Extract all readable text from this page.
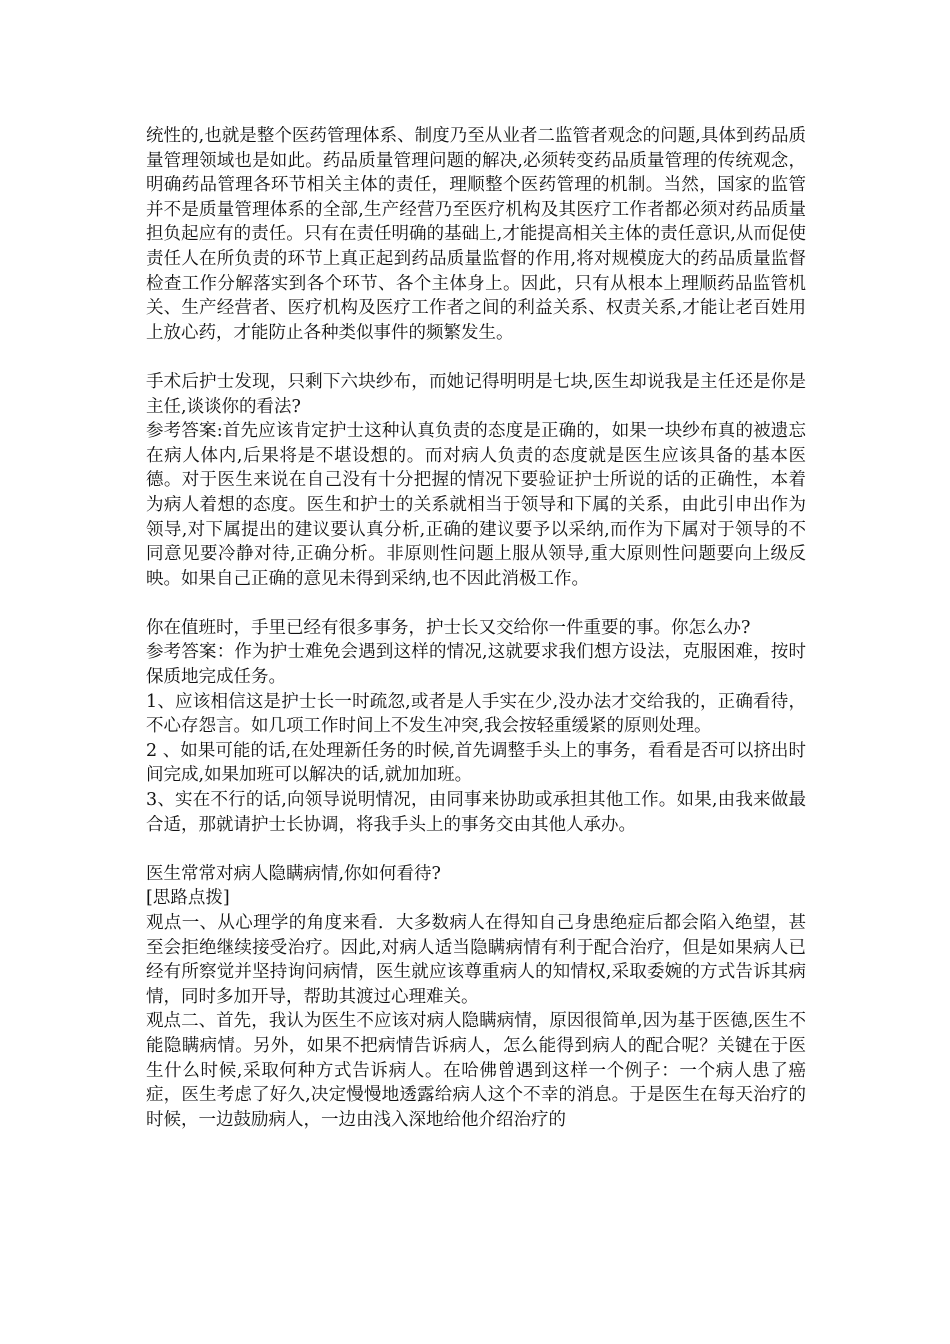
统性的,也就是整个医药管理体系、制度乃至从业者二监管者观念的问题,具体到药品质量管理领域也是如此。药品质量管理问题的解决,必须转变药品质量管理的传统观念，明确药品管理各环节相关主体的责任，理顺整个医药管理的机制。当然，国家的监管并不是质量管理体系的全部,生产经营乃至医疗机构及其医疗工作者都必须对药品质量担负起应有的责任。只有在责任明确的基础上,才能提高相关主体的责任意识,从而促使责任人在所负责的环节上真正起到药品质量监督的作用,将对规模庞大的药品质量监督检查工作分解落实到各个环节、各个主体身上。因此，只有从根本上理顺药品监管机关、生产经营者、医疗机构及医疗工作者之间的利益关系、权责关系,才能让老百姓用上放心药，才能防止各种类似事件的频繁发生。

手术后护士发现，只剩下六块纱布，而她记得明明是七块,医生却说我是主任还是你是主任,谈谈你的看法?

参考答案:首先应该肯定护士这种认真负责的态度是正确的，如果一块纱布真的被遗忘在病人体内,后果将是不堪设想的。而对病人负责的态度就是医生应该具备的基本医德。对于医生来说在自己没有十分把握的情况下要验证护士所说的话的正确性，本着为病人着想的态度。医生和护士的关系就相当于领导和下属的关系，由此引申出作为领导,对下属提出的建议要认真分析,正确的建议要予以采纳,而作为下属对于领导的不同意见要冷静对待,正确分析。非原则性问题上服从领导,重大原则性问题要向上级反映。如果自己正确的意见未得到采纳,也不因此消极工作。

你在值班时，手里已经有很多事务，护士长又交给你一件重要的事。你怎么办?

参考答案：作为护士难免会遇到这样的情况,这就要求我们想方设法，克服困难，按时保质地完成任务。

1、应该相信这是护士长一时疏忽,或者是人手实在少,没办法才交给我的，正确看待，不心存怨言。如几项工作时间上不发生冲突,我会按轻重缓紧的原则处理。

2 、如果可能的话,在处理新任务的时候,首先调整手头上的事务，看看是否可以挤出时间完成,如果加班可以解决的话,就加加班。

3、实在不行的话,向领导说明情况，由同事来协助或承担其他工作。如果,由我来做最合适，那就请护士长协调，将我手头上的事务交由其他人承办。

医生常常对病人隐瞒病情,你如何看待?

[思路点拨]

观点一、从心理学的角度来看．大多数病人在得知自己身患绝症后都会陷入绝望，甚至会拒绝继续接受治疗。因此,对病人适当隐瞒病情有利于配合治疗，但是如果病人已经有所察觉并坚持询问病情，医生就应该尊重病人的知情权,采取委婉的方式告诉其病情，同时多加开导，帮助其渡过心理难关。

观点二、首先，我认为医生不应该对病人隐瞒病情，原因很简单,因为基于医德,医生不能隐瞒病情。另外，如果不把病情告诉病人，怎么能得到病人的配合呢？关键在于医生什么时候,采取何种方式告诉病人。在哈佛曾遇到这样一个例子：一个病人患了癌症，医生考虑了好久,决定慢慢地透露给病人这个不幸的消息。于是医生在每天治疗的时候，一边鼓励病人，一边由浅入深地给他介绍治疗的
